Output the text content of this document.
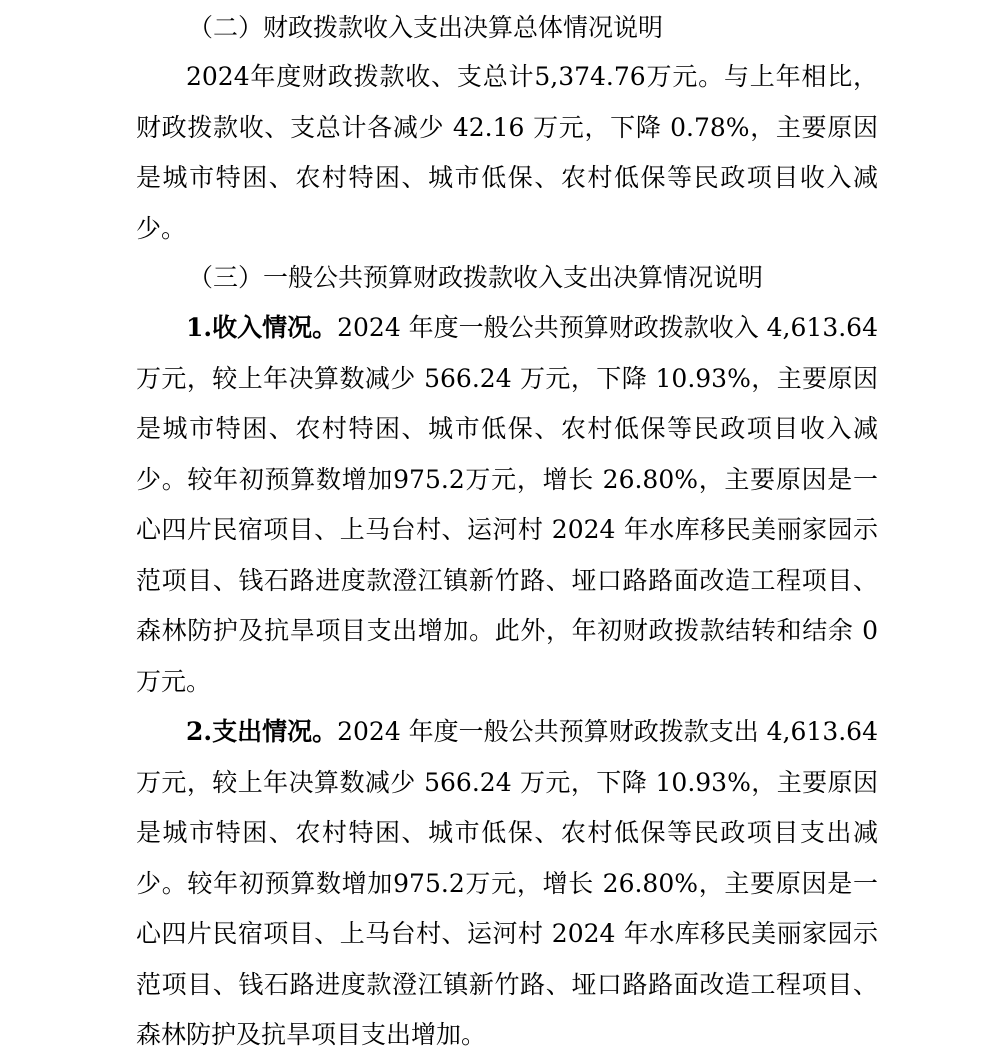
（二）财政拨款收入支出决算总体情况说明

2024年度财政拨款收、支总计5,374.76万元。与上年相比，财政拨款收、支总计各减少 42.16 万元，下降 0.78%，主要原因是城市特困、农村特困、城市低保、农村低保等民政项目收入减少。

（三）一般公共预算财政拨款收入支出决算情况说明

1.收入情况。2024 年度一般公共预算财政拨款收入 4,613.64 万元，较上年决算数减少 566.24 万元，下降 10.93%，主要原因是城市特困、农村特困、城市低保、农村低保等民政项目收入减少。较年初预算数增加975.2万元，增长 26.80%，主要原因是一心四片民宿项目、上马台村、运河村 2024 年水库移民美丽家园示范项目、钱石路进度款澄江镇新竹路、垭口路路面改造工程项目、森林防护及抗旱项目支出增加。此外，年初财政拨款结转和结余 0 万元。

2.支出情况。2024 年度一般公共预算财政拨款支出 4,613.64 万元，较上年决算数减少 566.24 万元，下降 10.93%，主要原因是城市特困、农村特困、城市低保、农村低保等民政项目支出减少。较年初预算数增加975.2万元，增长 26.80%，主要原因是一心四片民宿项目、上马台村、运河村 2024 年水库移民美丽家园示范项目、钱石路进度款澄江镇新竹路、垭口路路面改造工程项目、森林防护及抗旱项目支出增加。
